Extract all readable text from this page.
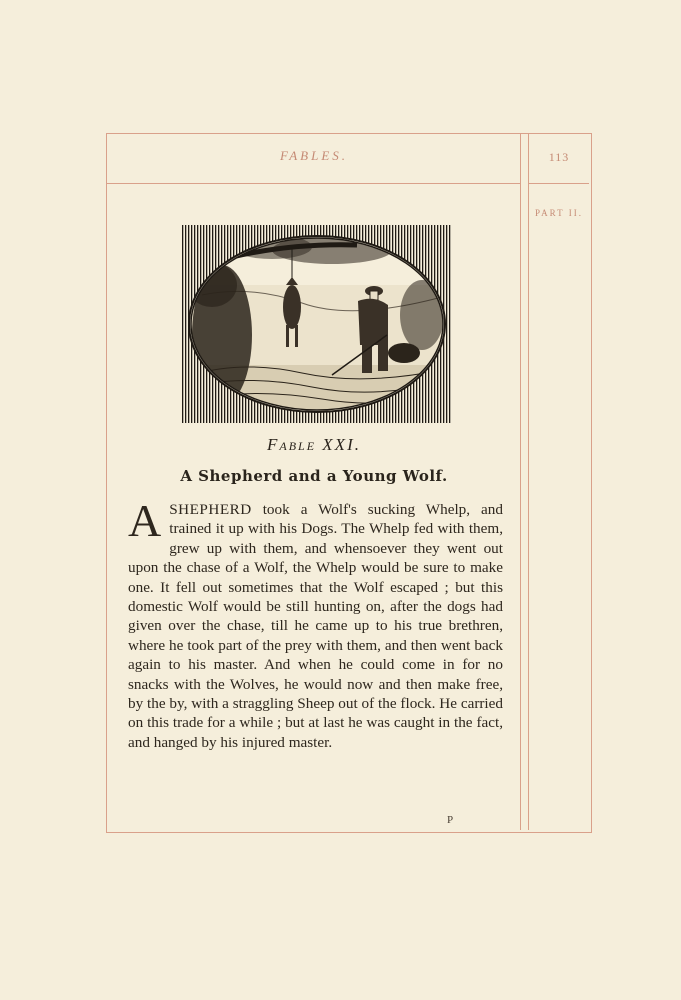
FABLES.	113
PART II.
Fable XXI.
A Shepherd and a Young Wolf.

ASHEPHERD took a Wolf's sucking Whelp, and trained it up with his Dogs. The Whelp fed with them, grew up with them, and whensoever they went out upon the chase of a Wolf, the Whelp would be sure to make one. It fell out sometimes that the Wolf escaped ; but this domestic Wolf would be still hunting on, after the dogs had given over the chase, till he came up to his true brethren, where he took part of the prey with them, and then went back again to his master. And when he could come in for no snacks with the Wolves, he would now and then make free, by the by, with a straggling Sheep out of the flock. He carried on this trade for a while ; but at last he was caught in the fact, and hanged by his injured master.

P
